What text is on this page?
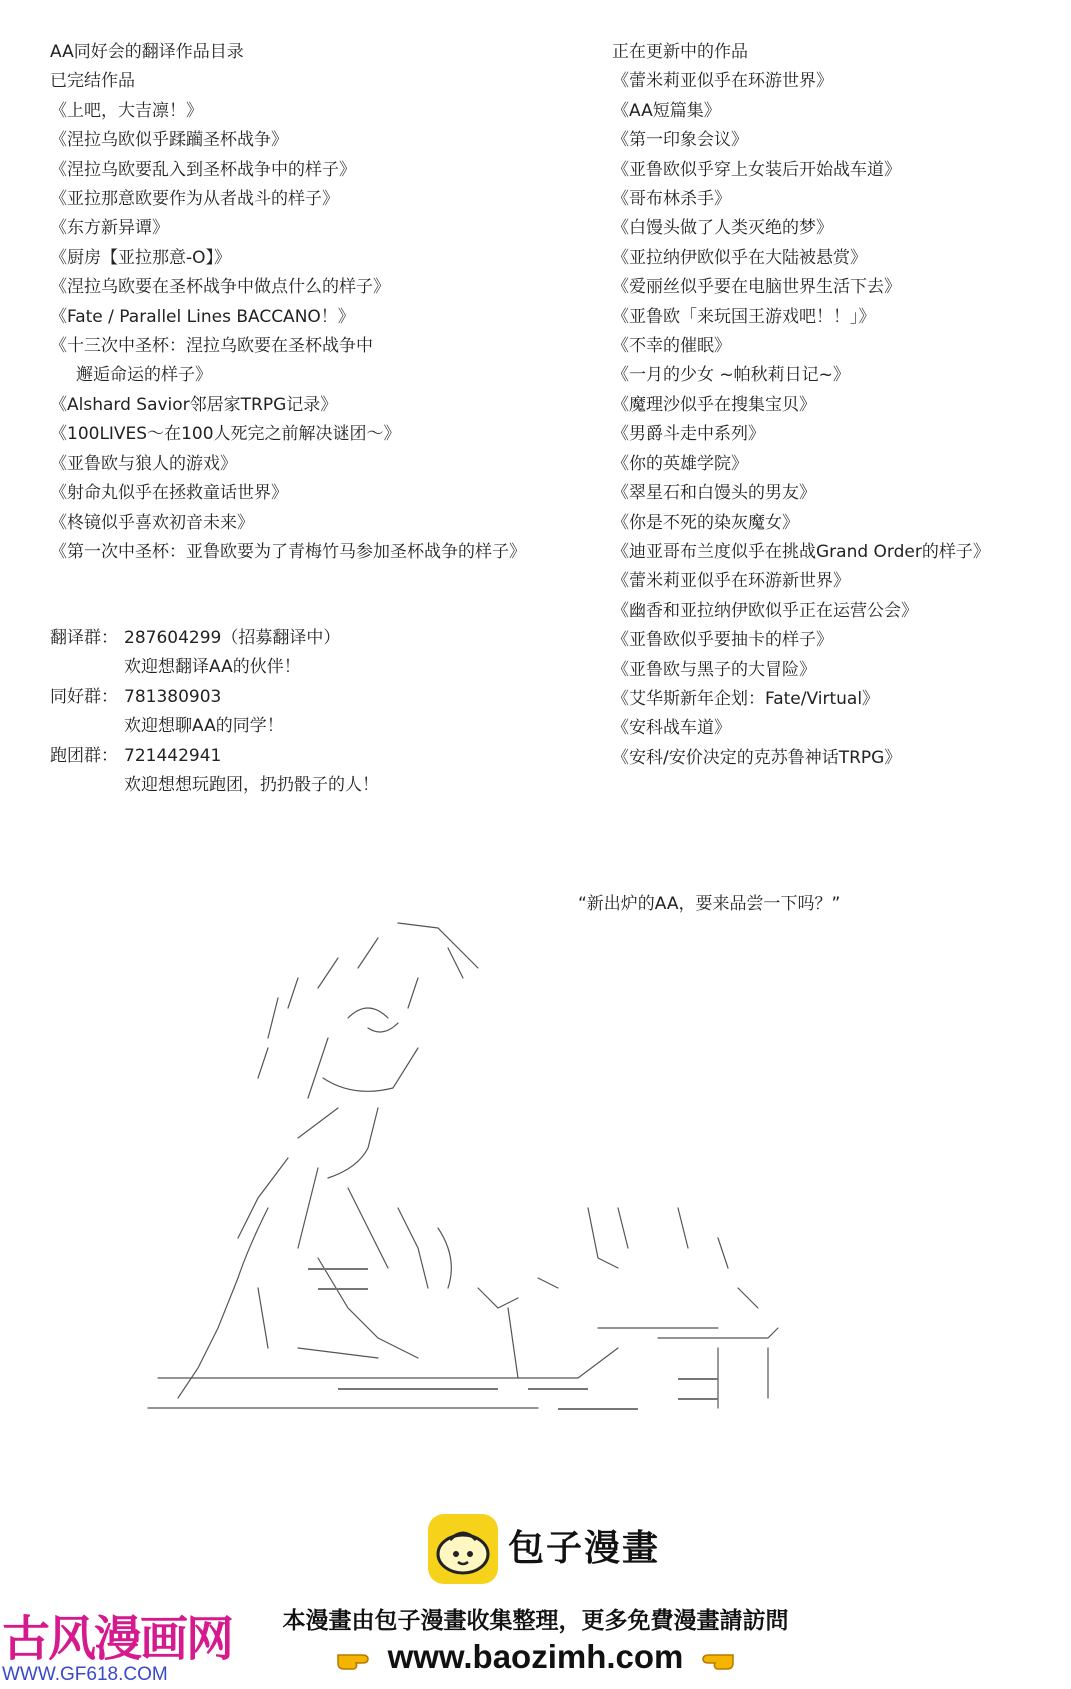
AA同好会的翻译作品目录
已完结作品
《上吧，大吉凛！》
《涅拉乌欧似乎蹂躏圣杯战争》
《涅拉乌欧要乱入到圣杯战争中的样子》
《亚拉那意欧要作为从者战斗的样子》
《东方新异谭》
《厨房【亚拉那意-O】》
《涅拉乌欧要在圣杯战争中做点什么的样子》
《Fate / Parallel Lines BACCANO！》
《十三次中圣杯：涅拉乌欧要在圣杯战争中
邂逅命运的样子》
《Alshard Savior邻居家TRPG记录》
《100LIVES～在100人死完之前解决谜团～》
《亚鲁欧与狼人的游戏》
《射命丸似乎在拯救童话世界》
《柊镜似乎喜欢初音未来》
《第一次中圣杯：亚鲁欧要为了青梅竹马参加圣杯战争的样子》
正在更新中的作品
《蕾米莉亚似乎在环游世界》
《AA短篇集》
《第一印象会议》
《亚鲁欧似乎穿上女装后开始战车道》
《哥布林杀手》
《白馒头做了人类灭绝的梦》
《亚拉纳伊欧似乎在大陆被悬赏》
《爱丽丝似乎要在电脑世界生活下去》
《亚鲁欧「来玩国王游戏吧！！」》
《不幸的催眠》
《一月的少女 ~帕秋莉日记~》
《魔理沙似乎在搜集宝贝》
《男爵斗走中系列》
《你的英雄学院》
《翠星石和白馒头的男友》
《你是不死的染灰魔女》
《迪亚哥布兰度似乎在挑战Grand Order的样子》
《蕾米莉亚似乎在环游新世界》
《幽香和亚拉纳伊欧似乎正在运营公会》
《亚鲁欧似乎要抽卡的样子》
《亚鲁欧与黑子的大冒险》
《艾华斯新年企划：Fate/Virtual》
《安科战车道》
《安科/安价决定的克苏鲁神话TRPG》
翻译群： 287604299（招募翻译中）
欢迎想翻译AA的伙伴！
同好群： 781380903
欢迎想聊AA的同学！
跑团群： 721442941
欢迎想想玩跑团，扔扔骰子的人！
“新出炉的AA，要来品尝一下吗？”
包子漫畫
本漫畫由包子漫畫收集整理，更多免費漫畫請訪問
www.baozimh.com
古风漫画网
WWW.GF618.COM
